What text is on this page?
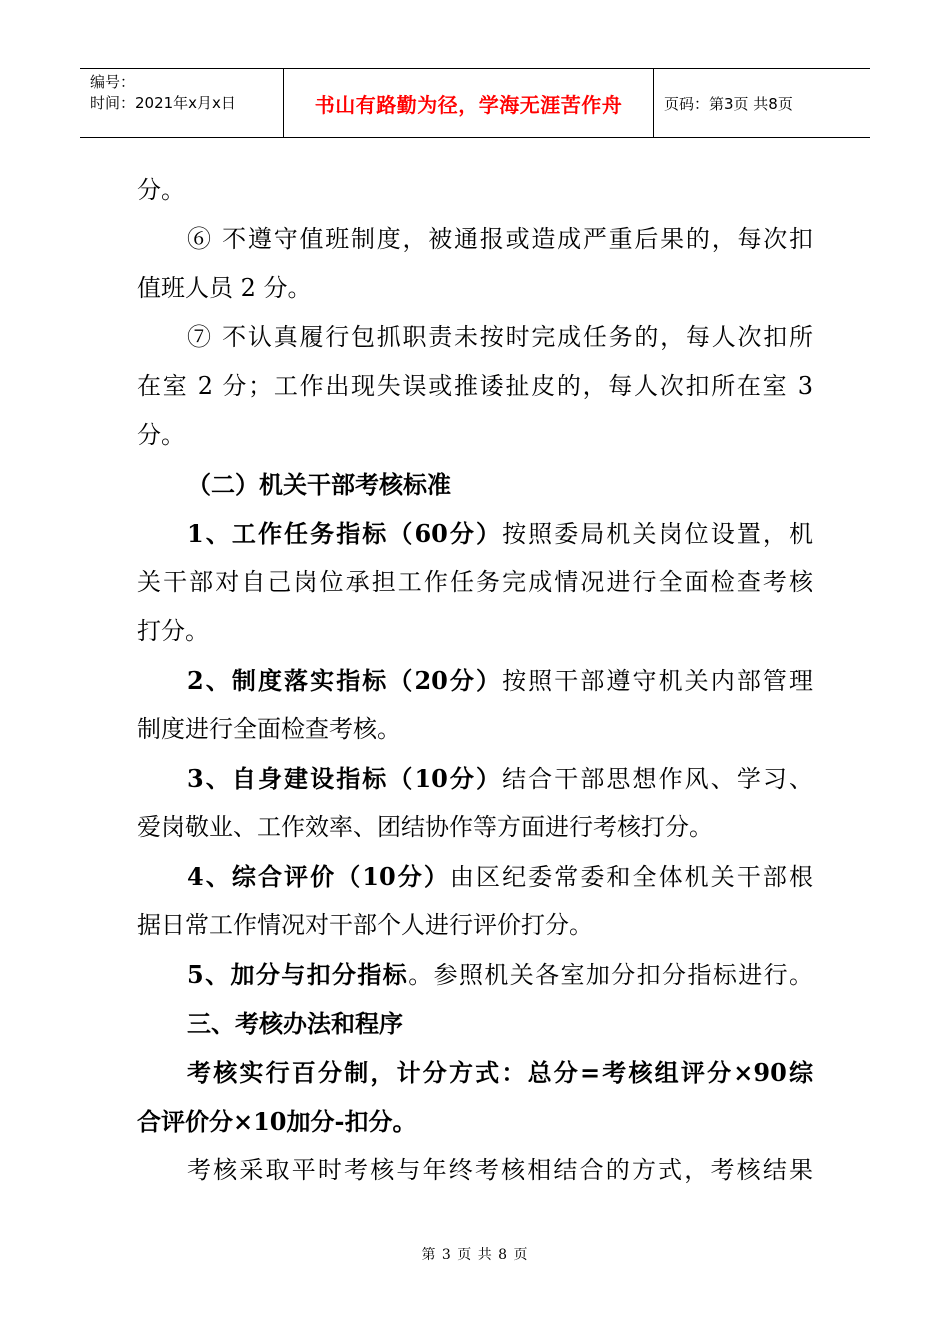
编号：
时间：2021年x月x日	书山有路勤为径，学海无涯苦作舟	页码：第3页 共8页
分。
⑥ 不遵守值班制度，被通报或造成严重后果的，每次扣
值班人员 2 分。
⑦ 不认真履行包抓职责未按时完成任务的，每人次扣所
在室 2 分；工作出现失误或推诿扯皮的，每人次扣所在室 3
分。
（二）机关干部考核标准
1、工作任务指标（60分）按照委局机关岗位设置，机
关干部对自己岗位承担工作任务完成情况进行全面检查考核
打分。
2、制度落实指标（20分）按照干部遵守机关内部管理
制度进行全面检查考核。
3、自身建设指标（10分）结合干部思想作风、学习、
爱岗敬业、工作效率、团结协作等方面进行考核打分。
4、综合评价（10分）由区纪委常委和全体机关干部根
据日常工作情况对干部个人进行评价打分。
5、加分与扣分指标。参照机关各室加分扣分指标进行。
三、考核办法和程序
考核实行百分制，计分方式：总分=考核组评分×90综
合评价分×10加分-扣分。
考核采取平时考核与年终考核相结合的方式，考核结果
第 3 页 共 8 页
